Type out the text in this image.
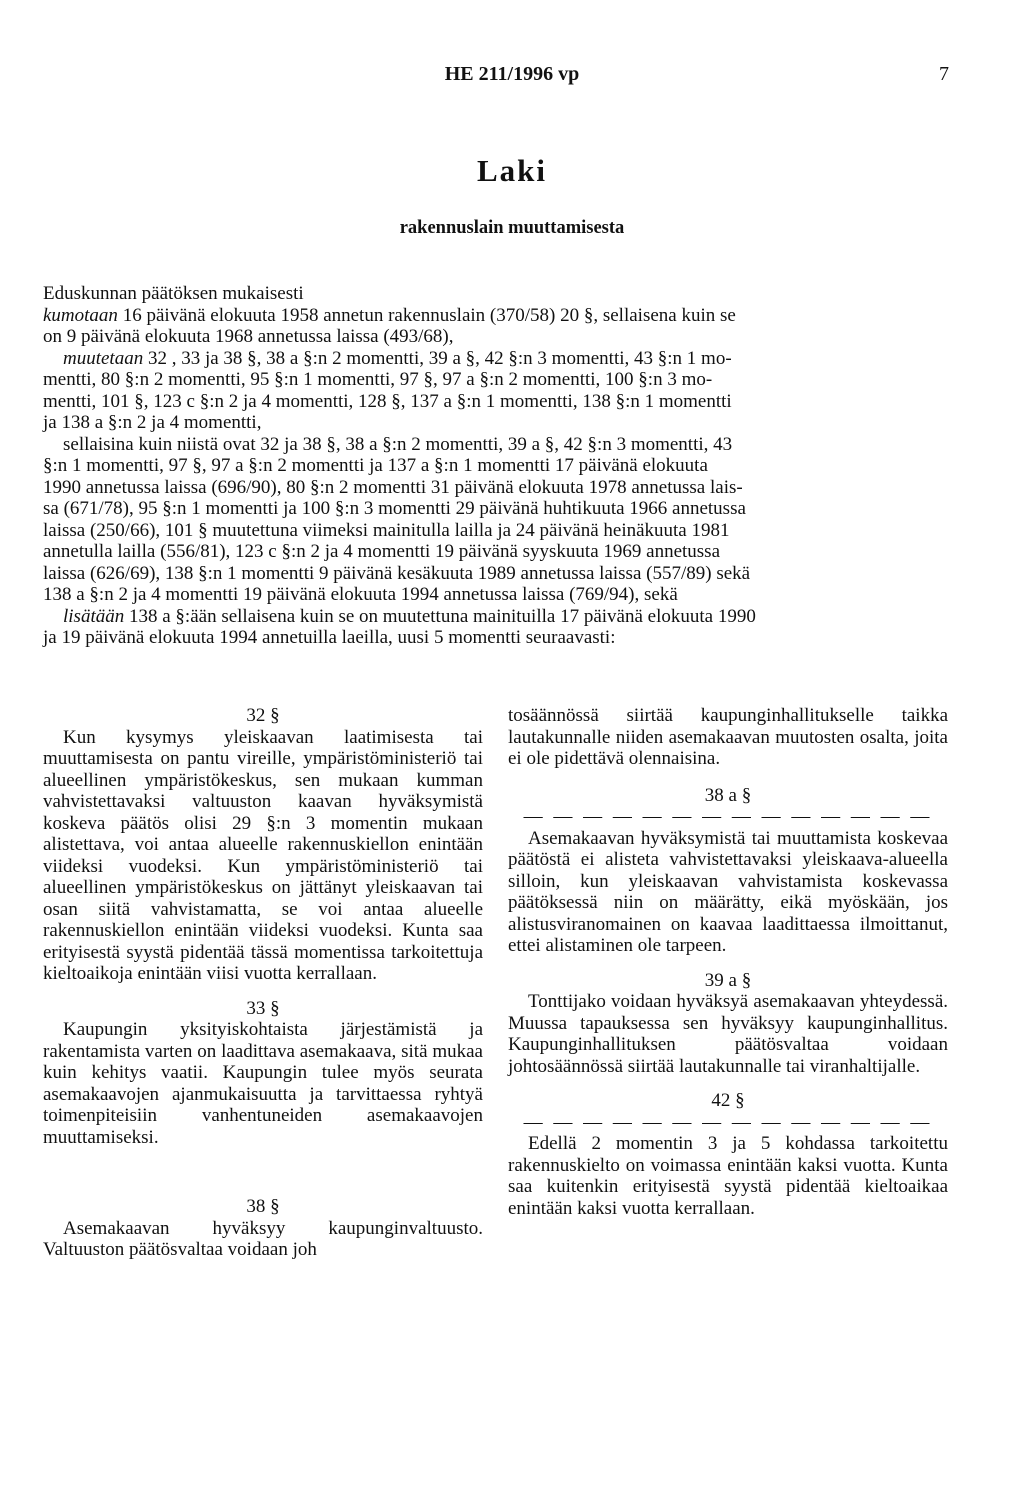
HE 211/1996 vp	7
Laki
rakennuslain muuttamisesta
Eduskunnan päätöksen mukaisesti
kumotaan 16 päivänä elokuuta 1958 annetun rakennuslain (370/58) 20 §, sellaisena kuin se
on 9 päivänä elokuuta 1968 annetussa laissa (493/68),
muutetaan 32 , 33 ja 38 §, 38 a §:n 2 momentti, 39 a §, 42 §:n 3 momentti, 43 §:n 1 mo-
mentti, 80 §:n 2 momentti, 95 §:n 1 momentti, 97 §, 97 a §:n 2 momentti, 100 §:n 3 mo-
mentti, 101 §, 123 c §:n 2 ja 4 momentti, 128 §, 137 a §:n 1 momentti, 138 §:n 1 momentti
ja 138 a §:n 2 ja 4 momentti,
sellaisina kuin niistä ovat 32 ja 38 §, 38 a §:n 2 momentti, 39 a §, 42 §:n 3 momentti, 43
§:n 1 momentti, 97 §, 97 a §:n 2 momentti ja 137 a §:n 1 momentti 17 päivänä elokuuta
1990 annetussa laissa (696/90), 80 §:n 2 momentti 31 päivänä elokuuta 1978 annetussa lais-
sa (671/78), 95 §:n 1 momentti ja 100 §:n 3 momentti 29 päivänä huhtikuuta 1966 annetussa
laissa (250/66), 101 § muutettuna viimeksi mainitulla lailla ja 24 päivänä heinäkuuta 1981
annetulla lailla (556/81), 123 c §:n 2 ja 4 momentti 19 päivänä syyskuuta 1969 annetussa
laissa (626/69), 138 §:n 1 momentti 9 päivänä kesäkuuta 1989 annetussa laissa (557/89) sekä
138 a §:n 2 ja 4 momentti 19 päivänä elokuuta 1994 annetussa laissa (769/94), sekä
lisätään 138 a §:ään sellaisena kuin se on muutettuna mainituilla 17 päivänä elokuuta 1990
ja 19 päivänä elokuuta 1994 annetuilla laeilla, uusi 5 momentti seuraavasti:

32 §

Kun kysymys yleiskaavan laatimisesta tai muuttamisesta on pantu vireille, ympäristöministeriö tai alueellinen ympäristökeskus, sen mukaan kumman vahvistettavaksi valtuuston kaavan hyväksymistä koskeva päätös olisi 29 §:n 3 momentin mukaan alistettava, voi antaa alueelle rakennuskiellon enintään viideksi vuodeksi. Kun ympäristöministeriö tai alueellinen ympäristökeskus on jättänyt yleiskaavan tai osan siitä vahvistamatta, se voi antaa alueelle rakennuskiellon enintään viideksi vuodeksi. Kunta saa erityisestä syystä pidentää tässä momentissa tarkoitettuja kieltoaikoja enintään viisi vuotta kerrallaan.

33 §

Kaupungin yksityiskohtaista järjestämistä ja rakentamista varten on laadittava asemakaava, sitä mukaa kuin kehitys vaatii. Kaupungin tulee myös seurata asemakaavojen ajanmukaisuutta ja tarvittaessa ryhtyä toimenpiteisiin vanhentuneiden asemakaavojen muuttamiseksi.

38 §

Asemakaavan hyväksyy kaupunginvaltuusto. Valtuuston päätösvaltaa voidaan joh

tosäännössä siirtää kaupunginhallitukselle taikka lautakunnalle niiden asemakaavan muutosten osalta, joita ei ole pidettävä olennaisina.

38 a §

— — — — — — — — — — — — — —

Asemakaavan hyväksymistä tai muuttamista koskevaa päätöstä ei alisteta vahvistettavaksi yleiskaava-alueella silloin, kun yleiskaavan vahvistamista koskevassa päätöksessä niin on määrätty, eikä myöskään, jos alistusviranomainen on kaavaa laadittaessa ilmoittanut, ettei alistaminen ole tarpeen.

39 a §

Tonttijako voidaan hyväksyä asemakaavan yhteydessä. Muussa tapauksessa sen hyväksyy kaupunginhallitus. Kaupunginhallituksen päätösvaltaa voidaan johtosäännössä siirtää lautakunnalle tai viranhaltijalle.

42 §

— — — — — — — — — — — — — —

Edellä 2 momentin 3 ja 5 kohdassa tarkoitettu rakennuskielto on voimassa enintään kaksi vuotta. Kunta saa kuitenkin erityisestä syystä pidentää kieltoaikaa enintään kaksi vuotta kerrallaan.
